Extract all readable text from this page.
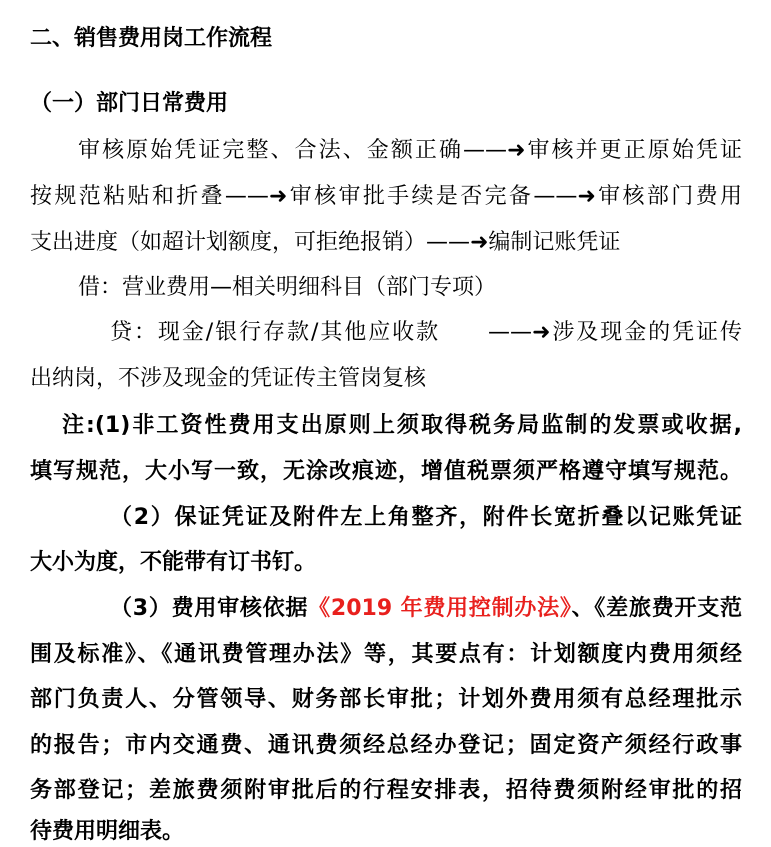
二、销售费用岗工作流程
（一）部门日常费用
审核原始凭证完整、合法、金额正确——➜审核并更正原始凭证
按规范粘贴和折叠——➜审核审批手续是否完备——➜审核部门费用
支出进度（如超计划额度，可拒绝报销）——➜编制记账凭证
借：营业费用—相关明细科目（部门专项）
贷：现金/银行存款/其他应收款　　——➜涉及现金的凭证传
出纳岗，不涉及现金的凭证传主管岗复核
注:(1)非工资性费用支出原则上须取得税务局监制的发票或收据,
填写规范，大小写一致，无涂改痕迹，增值税票须严格遵守填写规范。
（2）保证凭证及附件左上角整齐，附件长宽折叠以记账凭证
大小为度，不能带有订书钉。
（3）费用审核依据《2019 年费用控制办法》、《差旅费开支范
围及标准》、《通讯费管理办法》等，其要点有：计划额度内费用须经
部门负责人、分管领导、财务部长审批；计划外费用须有总经理批示
的报告；市内交通费、通讯费须经总经办登记；固定资产须经行政事
务部登记；差旅费须附审批后的行程安排表，招待费须附经审批的招
待费用明细表。
